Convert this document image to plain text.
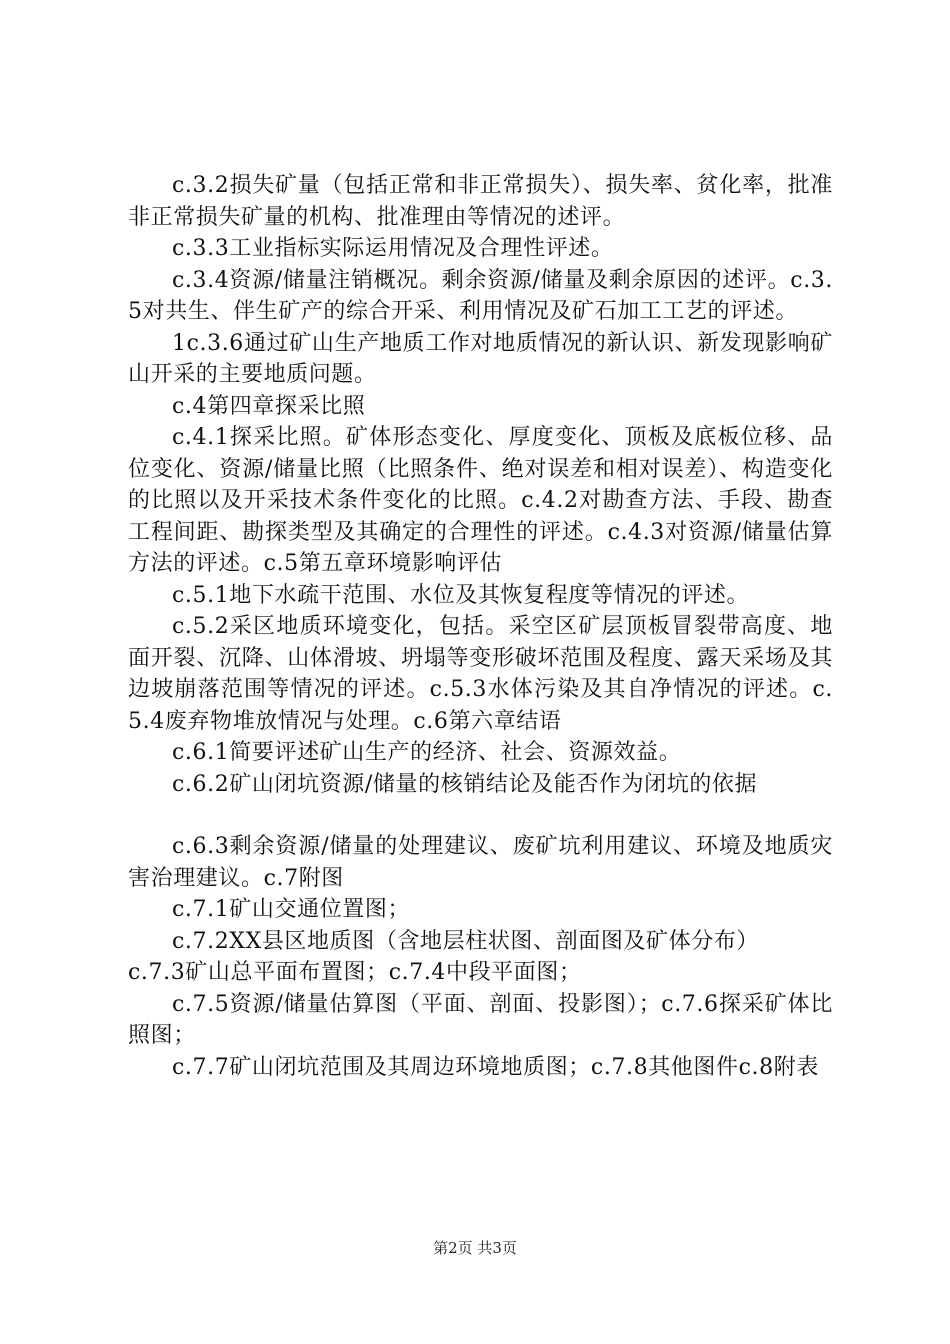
c.3.2损失矿量（包括正常和非正常损失）、损失率、贫化率，批准非正常损失矿量的机构、批准理由等情况的述评。

c.3.3工业指标实际运用情况及合理性评述。

c.3.4资源/储量注销概况。剩余资源/储量及剩余原因的述评。c.3.5对共生、伴生矿产的综合开采、利用情况及矿石加工工艺的评述。

1c.3.6通过矿山生产地质工作对地质情况的新认识、新发现影响矿山开采的主要地质问题。

c.4第四章探采比照

c.4.1探采比照。矿体形态变化、厚度变化、顶板及底板位移、品位变化、资源/储量比照（比照条件、绝对误差和相对误差）、构造变化的比照以及开采技术条件变化的比照。c.4.2对勘查方法、手段、勘查工程间距、勘探类型及其确定的合理性的评述。c.4.3对资源/储量估算方法的评述。c.5第五章环境影响评估

c.5.1地下水疏干范围、水位及其恢复程度等情况的评述。

c.5.2采区地质环境变化，包括。采空区矿层顶板冒裂带高度、地面开裂、沉降、山体滑坡、坍塌等变形破坏范围及程度、露天采场及其边坡崩落范围等情况的评述。c.5.3水体污染及其自净情况的评述。c.5.4废弃物堆放情况与处理。c.6第六章结语

c.6.1简要评述矿山生产的经济、社会、资源效益。

c.6.2矿山闭坑资源/储量的核销结论及能否作为闭坑的依据

c.6.3剩余资源/储量的处理建议、废矿坑利用建议、环境及地质灾害治理建议。c.7附图

c.7.1矿山交通位置图；

c.7.2XX县区地质图（含地层柱状图、剖面图及矿体分布）

c.7.3矿山总平面布置图；c.7.4中段平面图；

c.7.5资源/储量估算图（平面、剖面、投影图）；c.7.6探采矿体比照图；

c.7.7矿山闭坑范围及其周边环境地质图；c.7.8其他图件c.8附表

第2页 共3页
